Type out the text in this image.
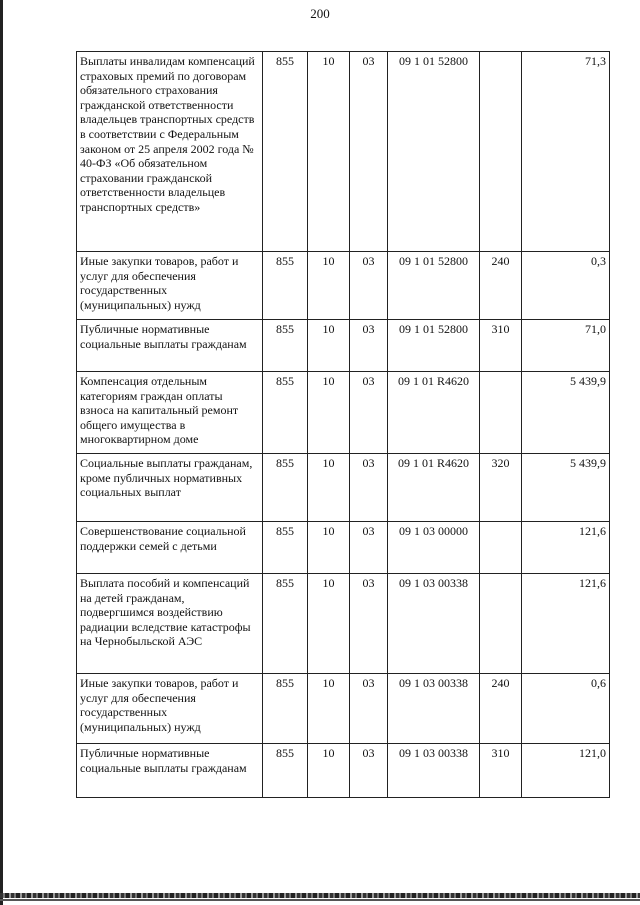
200
Выплаты инвалидам компенсаций страховых премий по договорам обязательного страхования гражданской ответственности владельцев транспортных средств в соответствии с Федеральным законом от 25 апреля 2002 года № 40-ФЗ «Об обязательном страховании гражданской ответственности владельцев транспортных средств»	855	10	03	09 1 01 52800		71,3
Иные закупки товаров, работ и услуг для обеспечения государственных (муниципальных) нужд	855	10	03	09 1 01 52800	240	0,3
Публичные нормативные социальные выплаты гражданам	855	10	03	09 1 01 52800	310	71,0
Компенсация отдельным категориям граждан оплаты взноса на капитальный ремонт общего имущества в многоквартирном доме	855	10	03	09 1 01 R4620		5 439,9
Социальные выплаты гражданам, кроме публичных нормативных социальных выплат	855	10	03	09 1 01 R4620	320	5 439,9
Совершенствование социальной поддержки семей с детьми	855	10	03	09 1 03 00000		121,6
Выплата пособий и компенсаций на детей гражданам, подвергшимся воздействию радиации вследствие катастрофы на Чернобыльской АЭС	855	10	03	09 1 03 00338		121,6
Иные закупки товаров, работ и услуг для обеспечения государственных (муниципальных) нужд	855	10	03	09 1 03 00338	240	0,6
Публичные нормативные социальные выплаты гражданам	855	10	03	09 1 03 00338	310	121,0
